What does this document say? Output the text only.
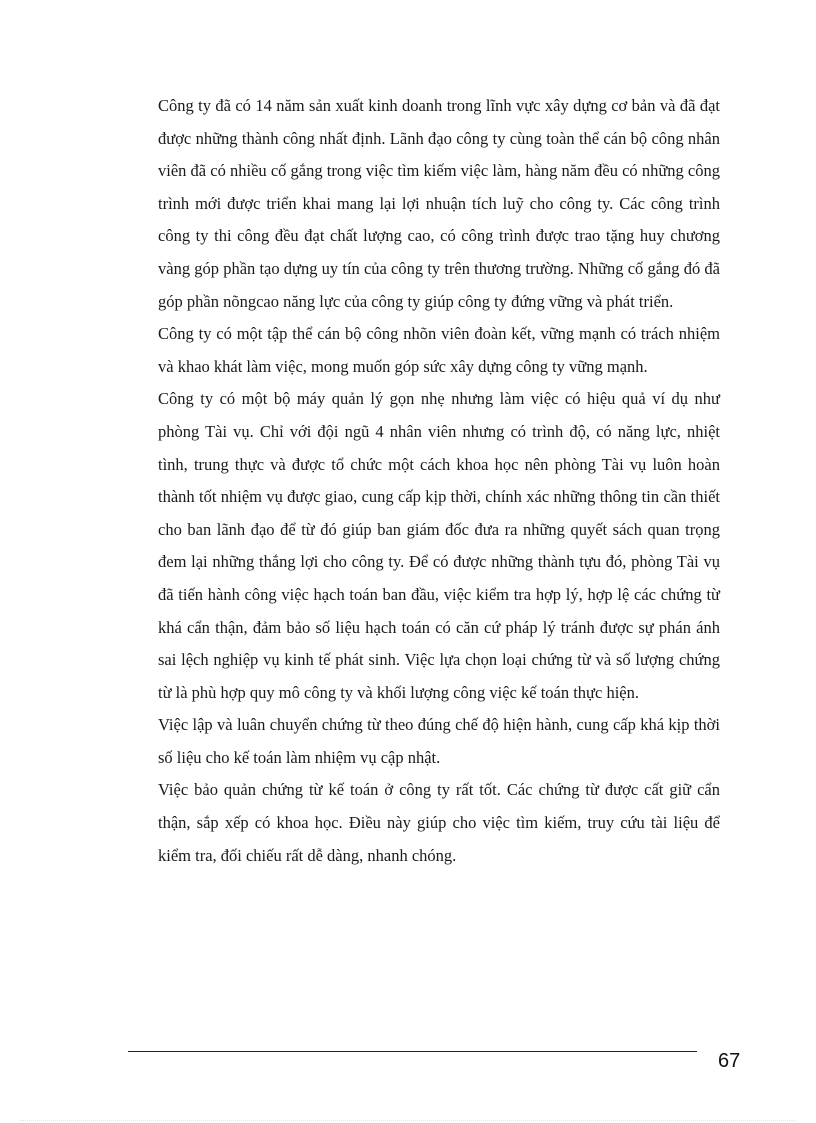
Công ty đã có 14 năm sản xuất kinh doanh trong lĩnh vực xây dựng cơ bản và đã đạt được những thành công nhất định. Lãnh đạo công ty cùng toàn thể cán bộ công nhân viên đã có nhiều cố gắng trong việc tìm kiếm việc làm, hàng năm đều có những công trình mới được triển khai mang lại lợi nhuận tích luỹ cho công ty. Các công trình công ty thi công đều đạt chất lượng cao, có công trình được trao tặng huy chương vàng góp phần tạo dựng uy tín của công ty trên thương trường. Những cố gắng đó đã góp phần nõngcao năng lực của công ty giúp công ty đứng vững và phát triển.

Công ty có một tập thể cán bộ công nhõn viên đoàn kết, vững mạnh có trách nhiệm và khao khát làm việc, mong muốn góp sức xây dựng công ty vững mạnh.

Công ty có một bộ máy quản lý gọn nhẹ nhưng làm việc có hiệu quả ví dụ như phòng Tài vụ. Chỉ với đội ngũ 4 nhân viên nhưng có trình độ, có năng lực, nhiệt tình, trung thực và được tổ chức một cách khoa học nên phòng Tài vụ luôn hoàn thành tốt nhiệm vụ được giao, cung cấp kịp thời, chính xác những thông tin cần thiết cho ban lãnh đạo để từ đó giúp ban giám đốc đưa ra những quyết sách quan trọng đem lại những thắng lợi cho công ty. Để có được những thành tựu đó, phòng Tài vụ đã tiến hành công việc hạch toán ban đầu, việc kiểm tra hợp lý, hợp lệ các chứng từ khá cẩn thận, đảm bảo số liệu hạch toán có căn cứ pháp lý tránh được sự phán ánh sai lệch nghiệp vụ kinh tế phát sinh. Việc lựa chọn loại chứng từ và số lượng chứng từ là phù hợp quy mô công ty và khối lượng công việc kế toán thực hiện.

Việc lập và luân chuyển chứng từ theo đúng chế độ hiện hành, cung cấp khá kịp thời số liệu cho kế toán làm nhiệm vụ cập nhật.

Việc bảo quản chứng từ kế toán ở công ty rất tốt. Các chứng từ được cất giữ cẩn thận, sắp xếp có khoa học. Điều này giúp cho việc tìm kiếm, truy cứu tài liệu để kiểm tra, đối chiếu rất dễ dàng, nhanh chóng.

67
